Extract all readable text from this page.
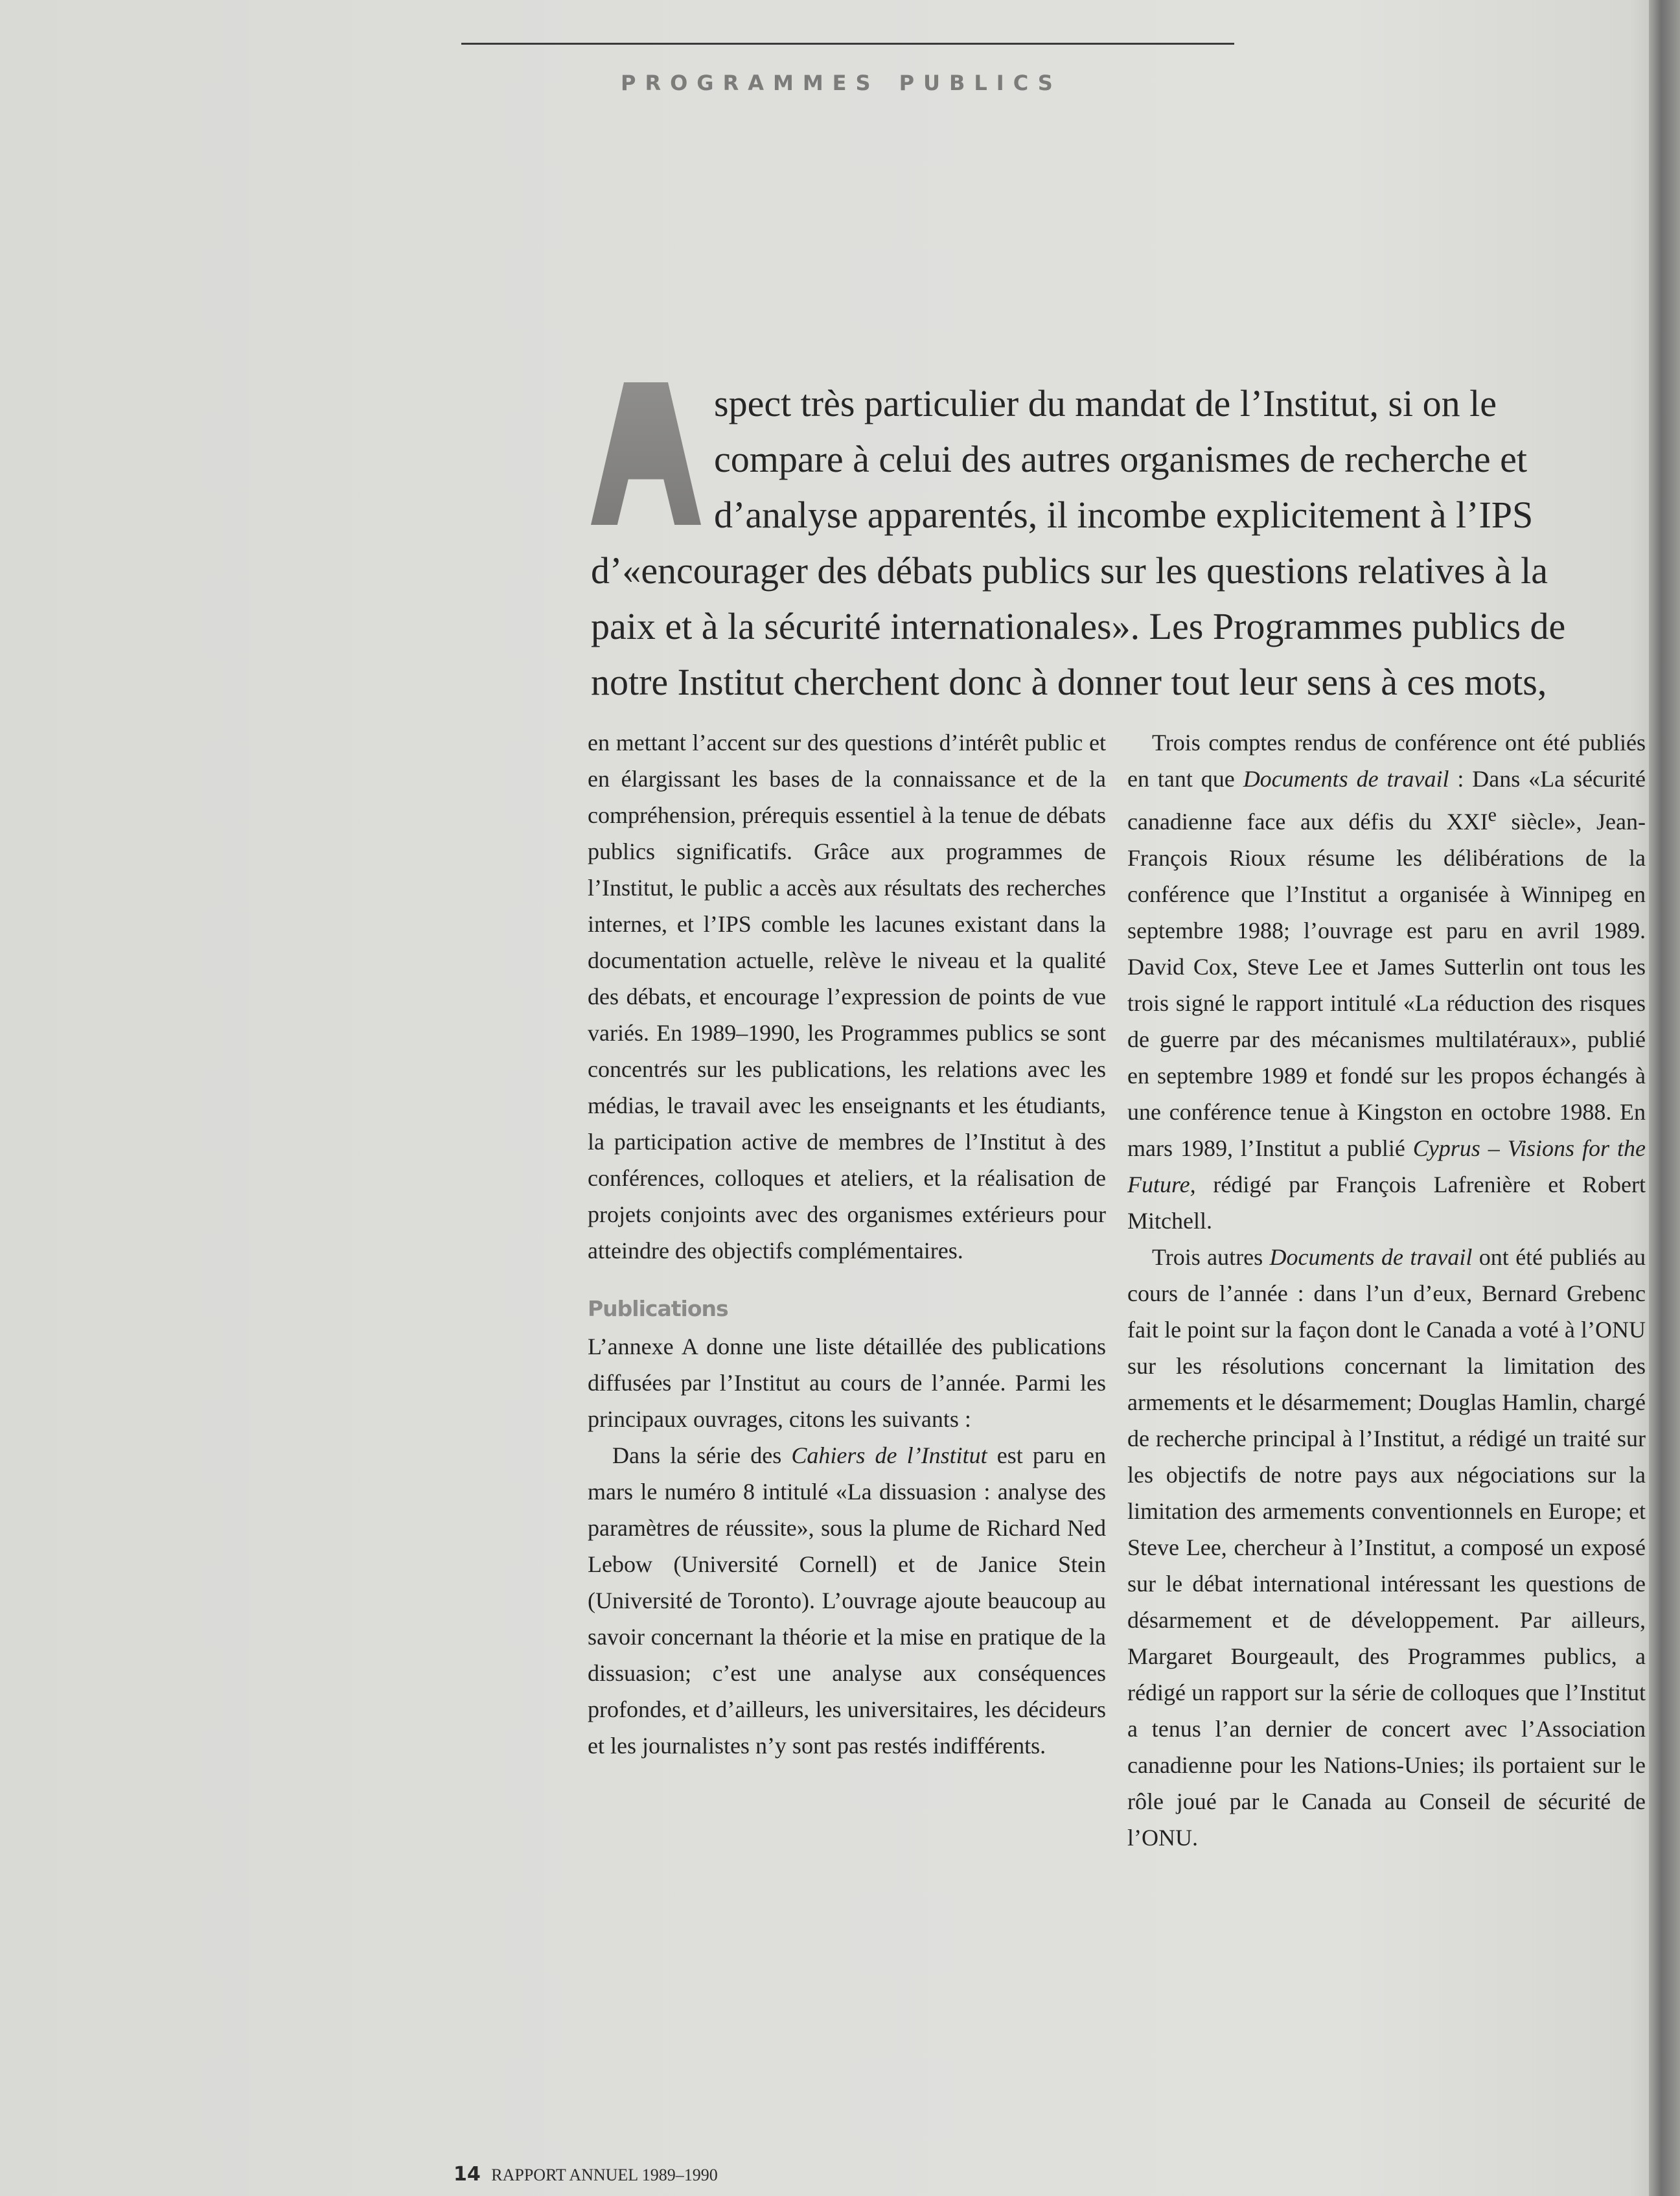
programmes publics
spect très particulier du mandat de l’Institut, si on le
compare à celui des autres organismes de recherche et
d’analyse apparentés, il incombe explicitement à l’IPS
d’«encourager des débats publics sur les questions relatives à la
paix et à la sécurité internationales». Les Programmes publics de
notre Institut cherchent donc à donner tout leur sens à ces mots,

en mettant l’accent sur des questions d’intérêt public et en élargissant les bases de la connaissance et de la compréhension, prérequis essentiel à la tenue de débats publics significatifs. Grâce aux programmes de l’Institut, le public a accès aux résultats des recherches internes, et l’IPS comble les lacunes existant dans la documentation actuelle, relève le niveau et la qualité des débats, et encourage l’expression de points de vue variés. En 1989–1990, les Programmes publics se sont concentrés sur les publications, les relations avec les médias, le travail avec les enseignants et les étudiants, la participation active de membres de l’Institut à des conférences, colloques et ateliers, et la réalisation de projets conjoints avec des organismes extérieurs pour atteindre des objectifs complémentaires.

Publications

L’annexe A donne une liste détaillée des publications diffusées par l’Institut au cours de l’année. Parmi les principaux ouvrages, citons les suivants :

Dans la série des Cahiers de l’Institut est paru en mars le numéro 8 intitulé «La dissuasion : analyse des paramètres de réussite», sous la plume de Richard Ned Lebow (Université Cornell) et de Janice Stein (Université de Toronto). L’ouvrage ajoute beaucoup au savoir concernant la théorie et la mise en pratique de la dissuasion; c’est une analyse aux conséquences profondes, et d’ailleurs, les universitaires, les décideurs et les journalistes n’y sont pas restés indifférents.

Trois comptes rendus de conférence ont été publiés en tant que Documents de travail : Dans «La sécurité canadienne face aux défis du XXIe siècle», Jean-François Rioux résume les délibérations de la conférence que l’Institut a organisée à Winnipeg en septembre 1988; l’ouvrage est paru en avril 1989. David Cox, Steve Lee et James Sutterlin ont tous les trois signé le rapport intitulé «La réduction des risques de guerre par des mécanismes multilatéraux», publié en septembre 1989 et fondé sur les propos échangés à une conférence tenue à Kingston en octobre 1988. En mars 1989, l’Institut a publié Cyprus – Visions for the Future, rédigé par François Lafrenière et Robert Mitchell.

Trois autres Documents de travail ont été publiés au cours de l’année : dans l’un d’eux, Bernard Grebenc fait le point sur la façon dont le Canada a voté à l’ONU sur les résolutions concernant la limitation des armements et le désarmement; Douglas Hamlin, chargé de recherche principal à l’Institut, a rédigé un traité sur les objectifs de notre pays aux négociations sur la limitation des armements conventionnels en Europe; et Steve Lee, chercheur à l’Institut, a composé un exposé sur le débat international intéressant les questions de désarmement et de développement. Par ailleurs, Margaret Bourgeault, des Programmes publics, a rédigé un rapport sur la série de colloques que l’Institut a tenus l’an dernier de concert avec l’Association canadienne pour les Nations-Unies; ils portaient sur le rôle joué par le Canada au Conseil de sécurité de l’ONU.

14 RAPPORT ANNUEL 1989–1990
